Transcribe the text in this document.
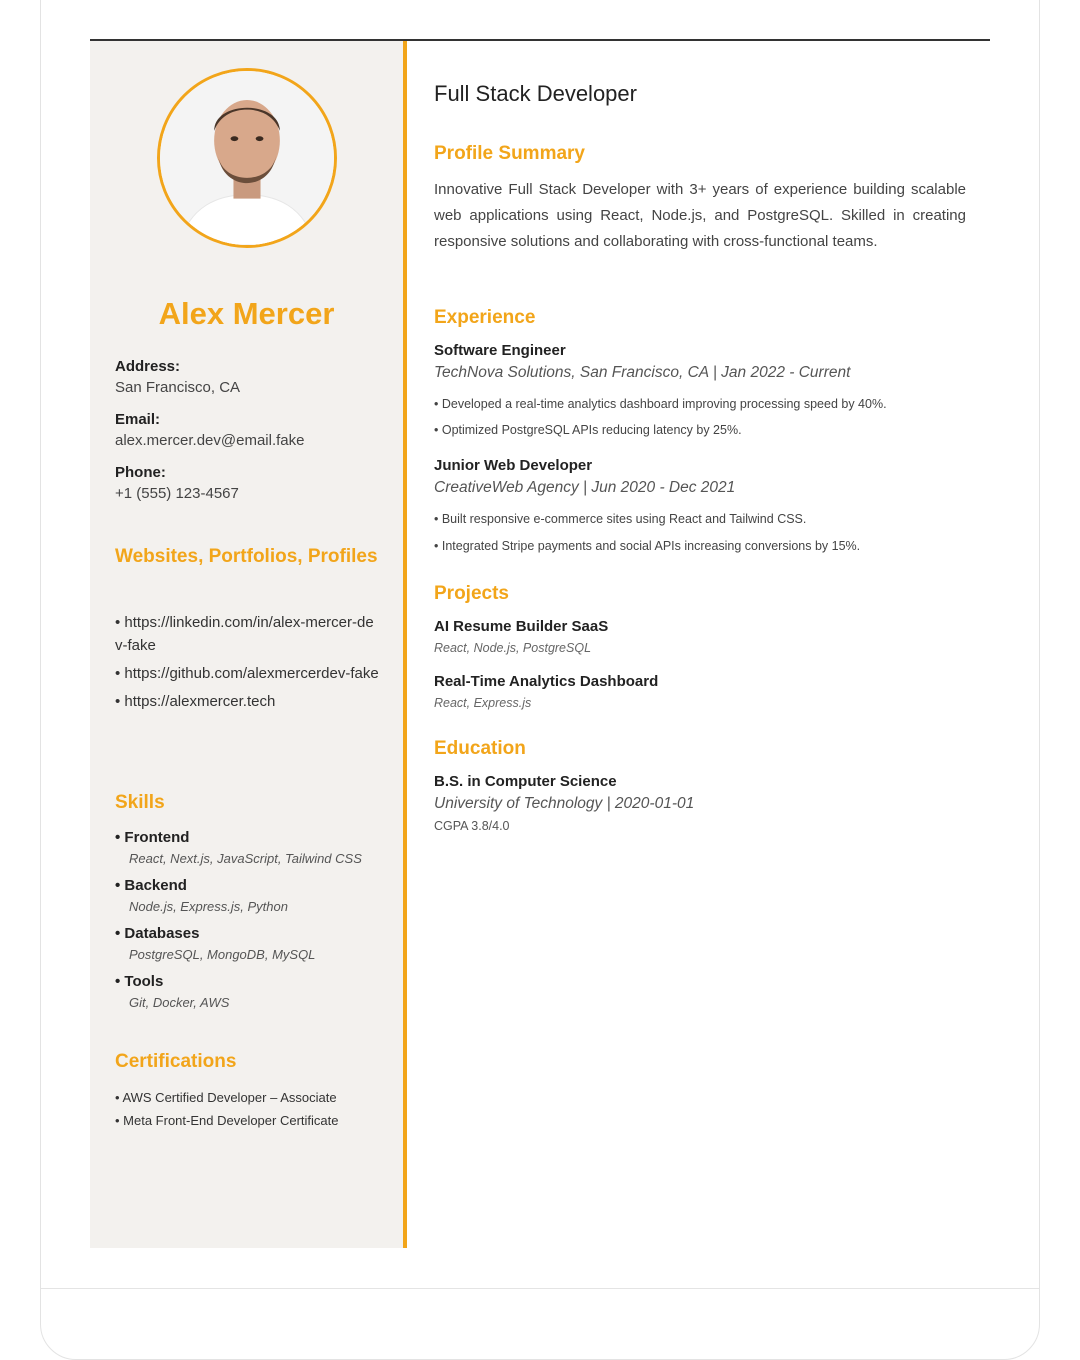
Alex Mercer
Address:
San Francisco, CA
Email:
alex.mercer.dev@email.fake
Phone:
+1 (555) 123-4567
Websites, Portfolios, Profiles
• https://linkedin.com/in/alex-mercer-dev-fake
• https://github.com/alexmercerdev-fake
• https://alexmercer.tech
Skills
• Frontend
React, Next.js, JavaScript, Tailwind CSS
• Backend
Node.js, Express.js, Python
• Databases
PostgreSQL, MongoDB, MySQL
• Tools
Git, Docker, AWS
Certifications
• AWS Certified Developer – Associate
• Meta Front-End Developer Certificate
Full Stack Developer
Profile Summary
Innovative Full Stack Developer with 3+ years of experience building scalable web applications using React, Node.js, and PostgreSQL. Skilled in creating responsive solutions and collaborating with cross-functional teams.
Experience
Software Engineer
TechNova Solutions, San Francisco, CA | Jan 2022 - Current
• Developed a real-time analytics dashboard improving processing speed by 40%.
• Optimized PostgreSQL APIs reducing latency by 25%.
Junior Web Developer
CreativeWeb Agency | Jun 2020 - Dec 2021
• Built responsive e-commerce sites using React and Tailwind CSS.
• Integrated Stripe payments and social APIs increasing conversions by 15%.
Projects
AI Resume Builder SaaS
React, Node.js, PostgreSQL
Real-Time Analytics Dashboard
React, Express.js
Education
B.S. in Computer Science
University of Technology | 2020-01-01
CGPA 3.8/4.0
